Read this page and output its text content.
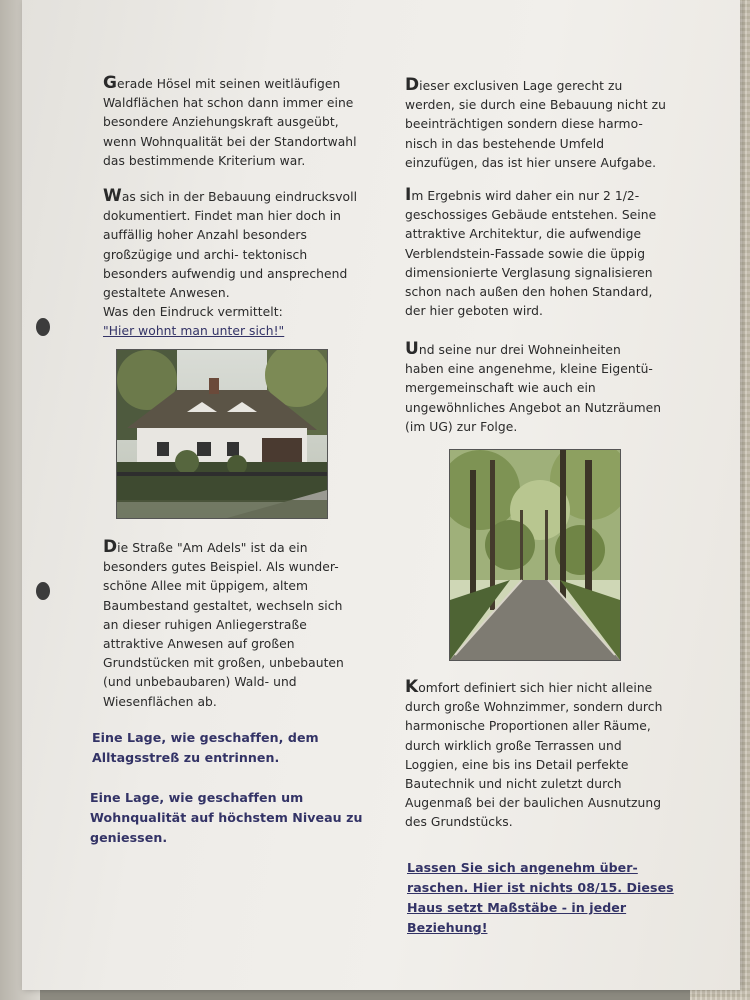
Gerade Hösel mit seinen weitläufigen
Waldflächen hat schon dann immer eine
besondere Anziehungskraft ausgeübt,
wenn Wohnqualität bei der Standortwahl
das bestimmende Kriterium war.

Was sich in der Bebauung eindrucksvoll
dokumentiert. Findet man hier doch in
auffällig hoher Anzahl besonders
großzügige und archi- tektonisch
besonders aufwendig und ansprechend
gestaltete Anwesen.
Was den Eindruck vermittelt:

"Hier wohnt man unter sich!"

Die Straße "Am Adels" ist da ein
besonders gutes Beispiel. Als wunder-
schöne Allee mit üppigem, altem
Baumbestand gestaltet, wechseln sich
an dieser ruhigen Anliegerstraße
attraktive Anwesen auf großen
Grundstücken mit großen, unbebauten
(und unbebaubaren) Wald- und
Wiesenflächen ab.

Eine Lage, wie geschaffen, dem
Alltagsstreß zu entrinnen.

Eine Lage, wie geschaffen um
Wohnqualität auf höchstem Niveau zu
geniessen.

Dieser exclusiven Lage gerecht zu
werden, sie durch eine Bebauung nicht zu
beeinträchtigen sondern diese harmo-
nisch in das bestehende Umfeld
einzufügen, das ist hier unsere Aufgabe.

Im Ergebnis wird daher ein nur 2 1/2-
geschossiges Gebäude entstehen. Seine
attraktive Architektur, die aufwendige
Verblendstein-Fassade sowie die üppig
dimensionierte Verglasung signalisieren
schon nach außen den hohen Standard,
der hier geboten wird.

Und seine nur drei Wohneinheiten
haben eine angenehme, kleine Eigentü-
mergemeinschaft wie auch ein
ungewöhnliches Angebot an Nutzräumen
(im UG) zur Folge.

Komfort definiert sich hier nicht alleine
durch große Wohnzimmer, sondern durch
harmonische Proportionen aller Räume,
durch wirklich große Terrassen und
Loggien, eine bis ins Detail perfekte
Bautechnik und nicht zuletzt durch
Augenmaß bei der baulichen Ausnutzung
des Grundstücks.

Lassen Sie sich angenehm über-
raschen. Hier ist nichts 08/15. Dieses
Haus setzt Maßstäbe - in jeder
Beziehung!
